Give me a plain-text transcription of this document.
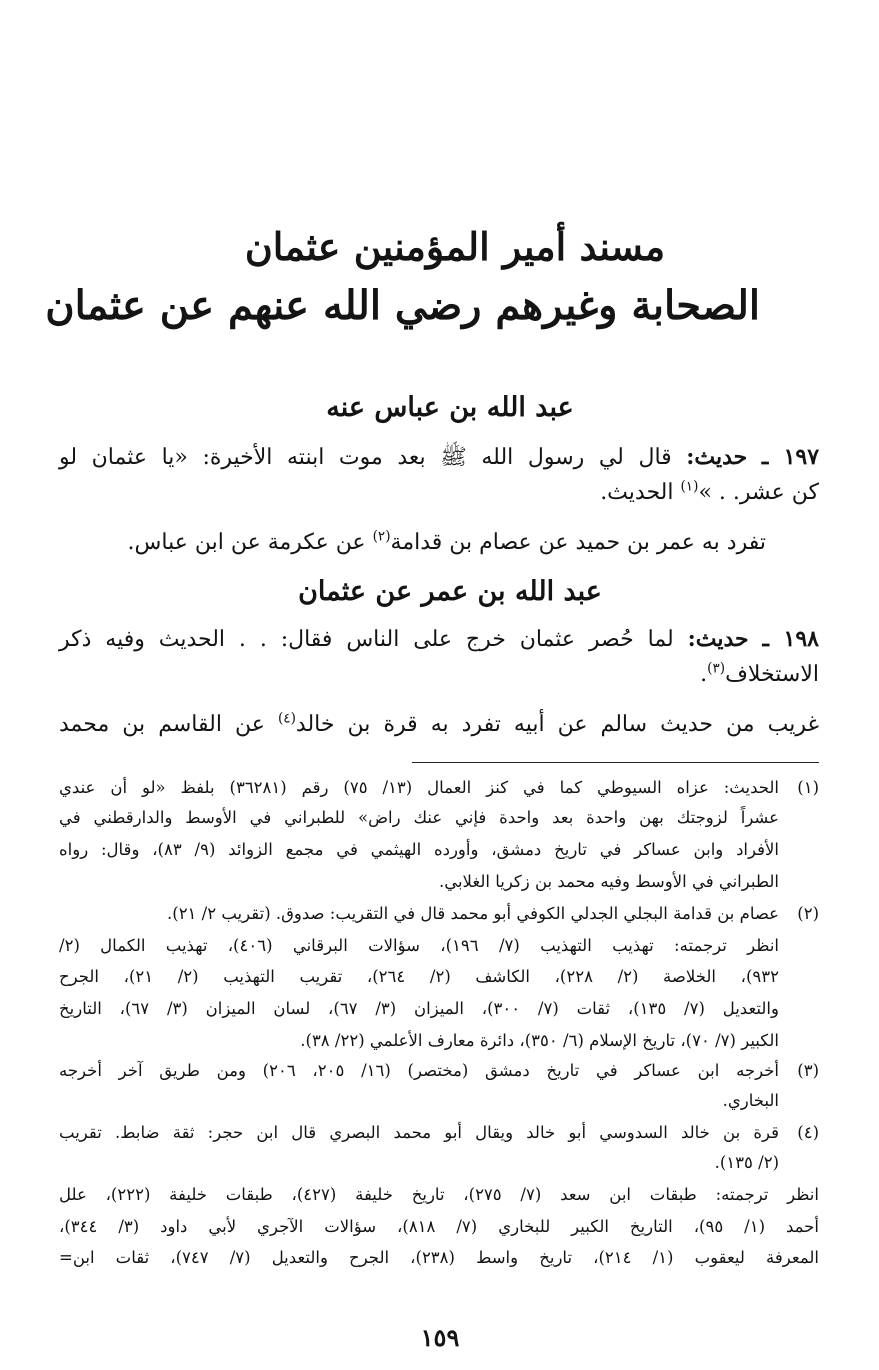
مسند أمير المؤمنين عثمان
الصحابة وغيرهم رضي الله عنهم عن عثمان
عبد الله بن عباس عنه
١٩٧ ـ حديث: قال لي رسول الله ﷺ بعد موت ابنته الأخيرة: «يا عثمان لو
كن عشر. . »$^{(١)}$ الحديث.
تفرد به عمر بن حميد عن عصام بن قدامة$^{(٢)}$ عن عكرمة عن ابن عباس.
عبد الله بن عمر عن عثمان
١٩٨ ـ حديث: لما حُصر عثمان خرج على الناس فقال: . . الحديث وفيه ذكر
الاستخلاف$^{(٣)}$.
غريب من حديث سالم عن أبيه تفرد به قرة بن خالد$^{(٤)}$ عن القاسم بن محمد
(١)
الحديث: عزاه السيوطي كما في كنز العمال (١٣/ ٧٥) رقم (٣٦٢٨١) بلفظ «لو أن عندي
عشراً لزوجتك بهن واحدة بعد واحدة فإني عنك راض» للطبراني في الأوسط والدارقطني في
الأفراد وابن عساكر في تاريخ دمشق، وأورده الهيثمي في مجمع الزوائد (٩/ ٨٣)، وقال: رواه
الطبراني في الأوسط وفيه محمد بن زكريا الغلابي.
(٢)
عصام بن قدامة البجلي الجدلي الكوفي أبو محمد قال في التقريب: صدوق. (تقريب ٢/ ٢١).
انظر ترجمته: تهذيب التهذيب (٧/ ١٩٦)، سؤالات البرقاني (٤٠٦)، تهذيب الكمال (٢/
٩٣٢)، الخلاصة (٢/ ٢٢٨)، الكاشف (٢/ ٢٦٤)، تقريب التهذيب (٢/ ٢١)، الجرح
والتعديل (٧/ ١٣٥)، ثقات (٧/ ٣٠٠)، الميزان (٣/ ٦٧)، لسان الميزان (٣/ ٦٧)، التاريخ
الكبير (٧/ ٧٠)، تاريخ الإسلام (٦/ ٣٥٠)، دائرة معارف الأعلمي (٢٢/ ٣٨).
(٣)
أخرجه ابن عساكر في تاريخ دمشق (مختصر) (١٦/ ٢٠٥، ٢٠٦) ومن طريق آخر أخرجه
البخاري.
(٤)
قرة بن خالد السدوسي أبو خالد ويقال أبو محمد البصري قال ابن حجر: ثقة ضابط. تقريب
(٢/ ١٣٥).
انظر ترجمته: طبقات ابن سعد (٧/ ٢٧٥)، تاريخ خليفة (٤٢٧)، طبقات خليفة (٢٢٢)، علل
أحمد (١/ ٩٥)، التاريخ الكبير للبخاري (٧/ ٨١٨)، سؤالات الآجري لأبي داود (٣/ ٣٤٤)،
المعرفة ليعقوب (١/ ٢١٤)، تاريخ واسط (٢٣٨)، الجرح والتعديل (٧/ ٧٤٧)، ثقات ابن=
١٥٩
